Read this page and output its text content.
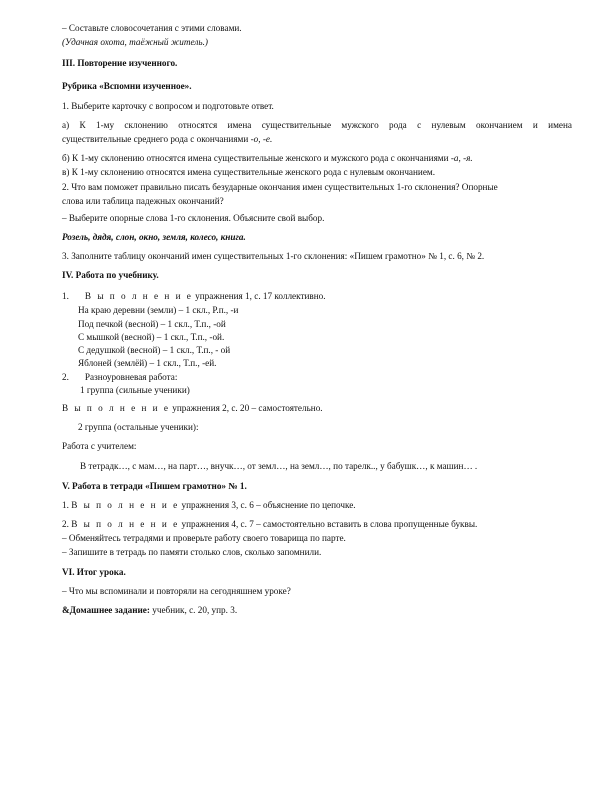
– Составьте словосочетания с этими словами.
(Удачная охота, таёжный житель.)
III. Повторение изученного.
Рубрика «Вспомни изученное».
1. Выберите карточку с вопросом и подготовьте ответ.
а) К 1-му склонению относятся имена существительные мужского рода с нулевым окончанием и имена
существительные среднего рода с окончаниями -о, -е.
б) К 1-му склонению относятся имена существительные женского и мужского рода с окончаниями -а, -я.
в) К 1-му склонению относятся имена существительные женского рода с нулевым окончанием.
2. Что вам поможет правильно писать безударные окончания имен существительных 1-го склонения? Опорные
слова или таблица падежных окончаний?
– Выберите опорные слова 1-го склонения. Объясните свой выбор.
Розель, дядя, слон, окно, земля, колесо, книга.
3. Заполните таблицу окончаний имен существительных 1-го склонения: «Пишем грамотно» № 1, с. 6, № 2.
IV. Работа по учебнику.
1. В ы п о л н е н и е упражнения 1, с. 17 коллективно.
На краю деревни (земли) – 1 скл., Р.п., -и
Под печкой (весной) – 1 скл., Т.п., -ой
С мышкой (весной) – 1 скл., Т.п., -ой.
С дедушкой (весной) – 1 скл., Т.п., - ой
Яблоней (землёй) – 1 скл., Т.п., -ей.
2. Разноуровневая работа:
1 группа (сильные ученики)
В ы п о л н е н и е упражнения 2, с. 20 – самостоятельно.
2 группа (остальные ученики):
Работа с учителем:
В тетрадк…, с мам…, на парт…, внучк…, от земл…, на земл…, по тарелк.., у бабушк…, к машин… .
V. Работа в тетради «Пишем грамотно» № 1.
1. В ы п о л н е н и е упражнения 3, с. 6 – объяснение по цепочке.
2. В ы п о л н е н и е упражнения 4, с. 7 – самостоятельно вставить в слова пропущенные буквы.
– Обменяйтесь тетрадями и проверьте работу своего товарища по парте.
– Запишите в тетрадь по памяти столько слов, сколько запомнили.
VI. Итог урока.
– Что мы вспоминали и повторяли на сегодняшнем уроке?
&Домашнее задание: учебник, с. 20, упр. 3.
